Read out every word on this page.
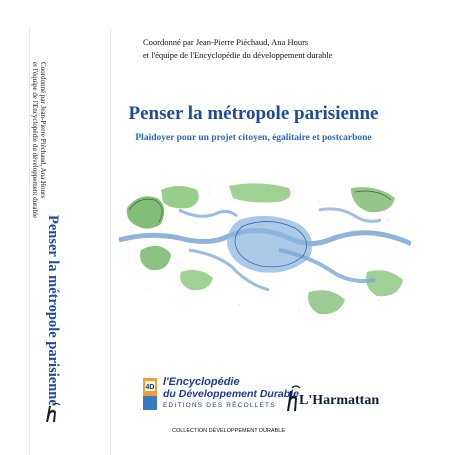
Coordonné par Jean-Pierre Piéchaud, Ana Hours
et l'équipe de l'Encyclopédie du développement durable
Penser la métropole parisienne
Coordonné par Jean-Pierre Piéchaud, Ana Hours
et l'équipe de l'Encyclopédie du développement durable
Penser la métropole parisienne
Plaidoyer pour un projet citoyen, égalitaire et postcarbone
4D l'Encyclopédie
du Développement Durable
EDITIONS DES RÉCOLLETS L'Harmattan
COLLECTION DÉVELOPPEMENT DURABLE
